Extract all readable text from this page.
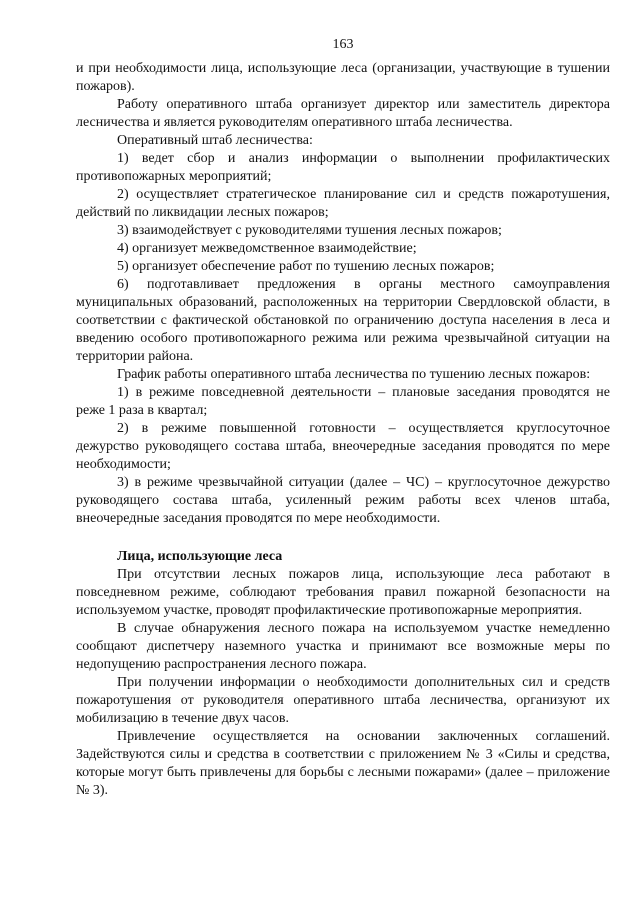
163

и при необходимости лица, использующие леса (организации, участвующие в тушении пожаров).

Работу оперативного штаба организует директор или заместитель директора лесничества и является руководителям оперативного штаба лесничества.

Оперативный штаб лесничества:

1) ведет сбор и анализ информации о выполнении профилактических противопожарных мероприятий;

2) осуществляет стратегическое планирование сил и средств пожаротушения, действий по ликвидации лесных пожаров;

3) взаимодействует с руководителями тушения лесных пожаров;

4) организует межведомственное взаимодействие;

5) организует обеспечение работ по тушению лесных пожаров;

6) подготавливает предложения в органы местного самоуправления муниципальных образований, расположенных на территории Свердловской области, в соответствии с фактической обстановкой по ограничению доступа населения в леса и введению особого противопожарного режима или режима чрезвычайной ситуации на территории района.

График работы оперативного штаба лесничества по тушению лесных пожаров:

1) в режиме повседневной деятельности – плановые заседания проводятся не реже 1 раза в квартал;

2) в режиме повышенной готовности – осуществляется круглосуточное дежурство руководящего состава штаба, внеочередные заседания проводятся по мере необходимости;

3) в режиме чрезвычайной ситуации (далее – ЧС) – круглосуточное дежурство руководящего состава штаба, усиленный режим работы всех членов штаба, внеочередные заседания проводятся по мере необходимости.

Лица, использующие леса

При отсутствии лесных пожаров лица, использующие леса работают в повседневном режиме, соблюдают требования правил пожарной безопасности на используемом участке, проводят профилактические противопожарные мероприятия.

В случае обнаружения лесного пожара на используемом участке немедленно сообщают диспетчеру наземного участка и принимают все возможные меры по недопущению распространения лесного пожара.

При получении информации о необходимости дополнительных сил и средств пожаротушения от руководителя оперативного штаба лесничества, организуют их мобилизацию в течение двух часов.

Привлечение осуществляется на основании заключенных соглашений. Задействуются силы и средства в соответствии с приложением № 3 «Силы и средства, которые могут быть привлечены для борьбы с лесными пожарами» (далее – приложение № 3).
